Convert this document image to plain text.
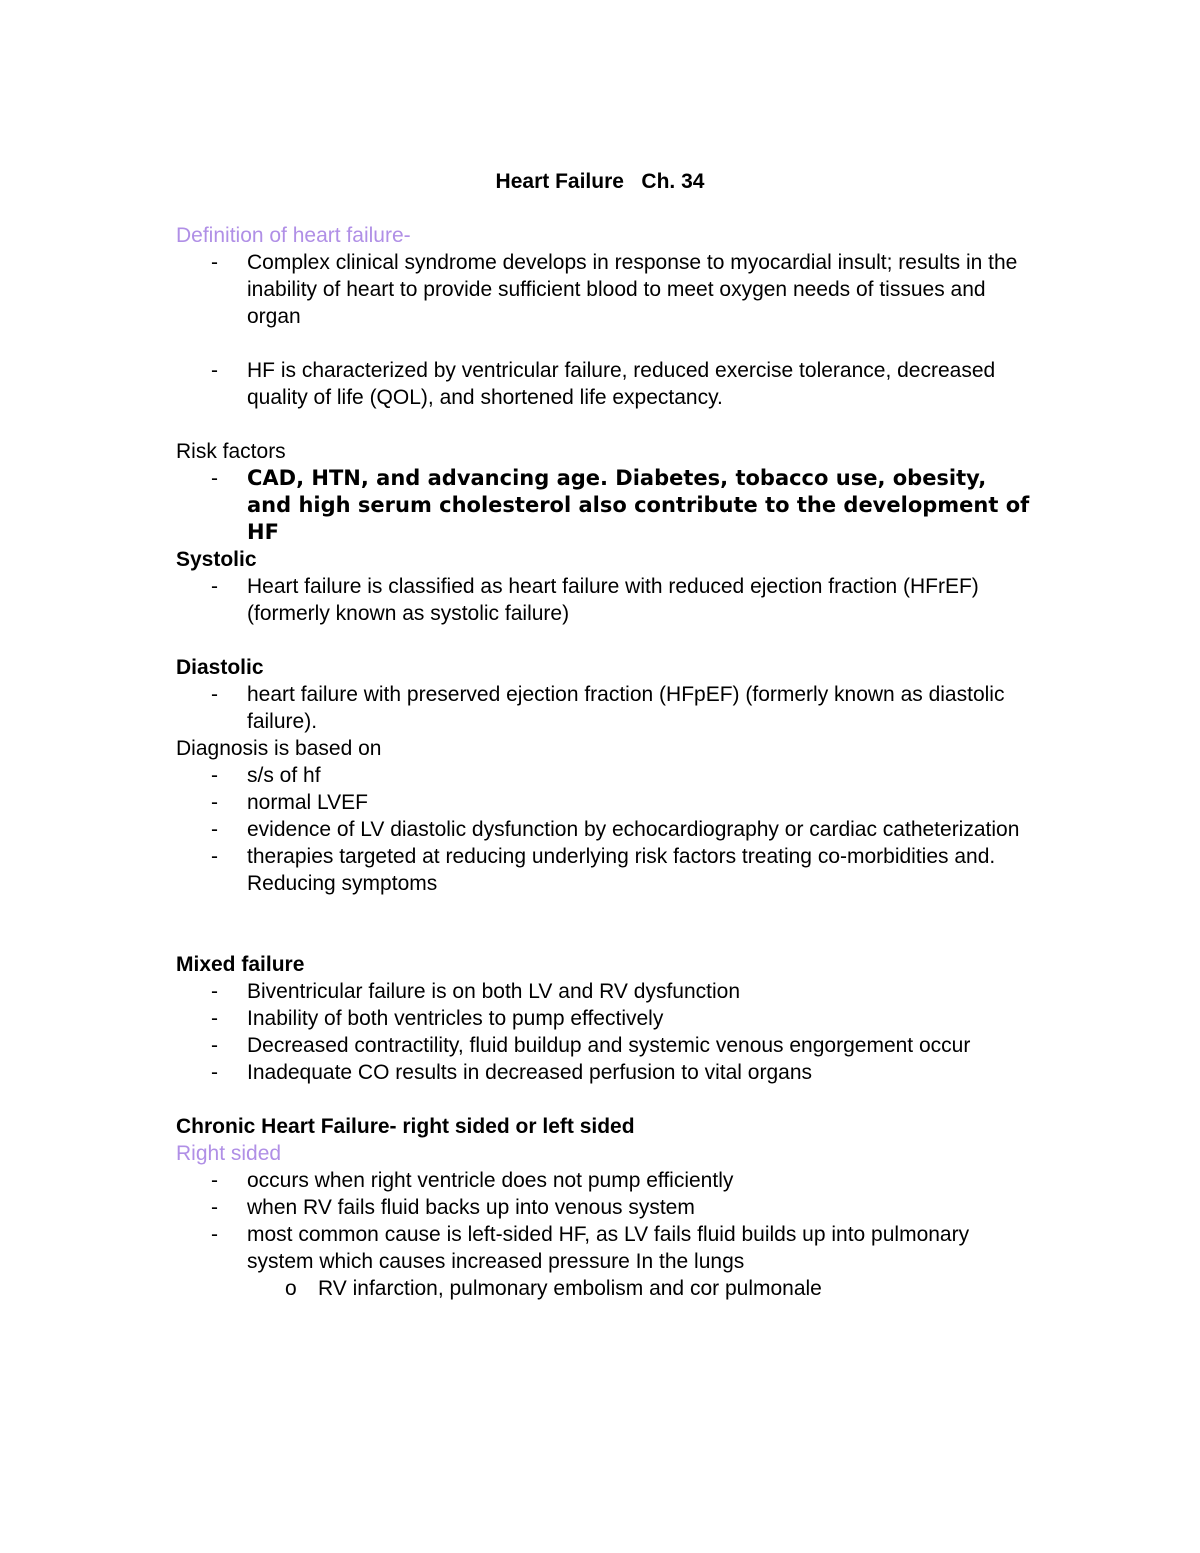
Heart Failure   Ch. 34

Definition of heart failure-

- Complex clinical syndrome develops in response to myocardial insult; results in the inability of heart to provide sufficient blood to meet oxygen needs of tissues and organ
- HF is characterized by ventricular failure, reduced exercise tolerance, decreased quality of life (QOL), and shortened life expectancy.

Risk factors

- CAD, HTN, and advancing age. Diabetes, tobacco use, obesity, and high serum cholesterol also contribute to the development of HF

Systolic

- Heart failure is classified as heart failure with reduced ejection fraction (HFrEF) (formerly known as systolic failure)

Diastolic

- heart failure with preserved ejection fraction (HFpEF) (formerly known as diastolic failure).

Diagnosis is based on

- s/s of hf
- normal LVEF
- evidence of LV diastolic dysfunction by echocardiography or cardiac catheterization
- therapies targeted at reducing underlying risk factors treating co-morbidities and. Reducing symptoms

Mixed failure

- Biventricular failure is on both LV and RV dysfunction
- Inability of both ventricles to pump effectively
- Decreased contractility, fluid buildup and systemic venous engorgement occur
- Inadequate CO results in decreased perfusion to vital organs

Chronic Heart Failure- right sided or left sided

Right sided

- occurs when right ventricle does not pump efficiently
- when RV fails fluid backs up into venous system
- most common cause is left-sided HF, as LV fails fluid builds up into pulmonary system which causes increased pressure In the lungs
o RV infarction, pulmonary embolism and cor pulmonale
